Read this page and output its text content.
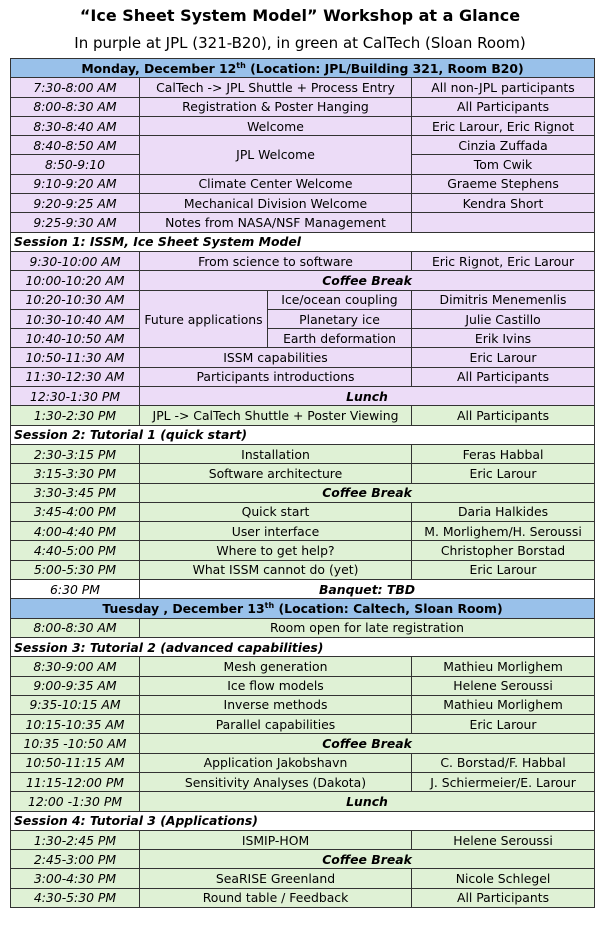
“Ice Sheet System Model” Workshop at a Glance
In purple at JPL (321-B20), in green at CalTech (Sloan Room)
Monday, December 12th (Location: JPL/Building 321, Room B20)			
7:30-8:00 AM	CalTech -> JPL Shuttle + Process Entry		All non-JPL participants
8:00-8:30 AM	Registration & Poster Hanging		All Participants
8:30-8:40 AM	Welcome		Eric Larour, Eric Rignot
8:40-8:50 AM	JPL Welcome		Cinzia Zuffada
8:50-9:10			Tom Cwik
9:10-9:20 AM	Climate Center Welcome		Graeme Stephens
9:20-9:25 AM	Mechanical Division Welcome		Kendra Short
9:25-9:30 AM	Notes from NASA/NSF Management		
Session 1: ISSM, Ice Sheet System Model			
9:30-10:00 AM	From science to software		Eric Rignot, Eric Larour
10:00-10:20 AM	Coffee Break		
10:20-10:30 AM	Future applications	Ice/ocean coupling	Dimitris Menemenlis
10:30-10:40 AM		Planetary ice	Julie Castillo
10:40-10:50 AM		Earth deformation	Erik Ivins
10:50-11:30 AM	ISSM capabilities		Eric Larour
11:30-12:30 AM	Participants introductions		All Participants
12:30-1:30 PM	Lunch		
1:30-2:30 PM	JPL -> CalTech Shuttle + Poster Viewing		All Participants
Session 2: Tutorial 1 (quick start)			
2:30-3:15 PM	Installation		Feras Habbal
3:15-3:30 PM	Software architecture		Eric Larour
3:30-3:45 PM	Coffee Break		
3:45-4:00 PM	Quick start		Daria Halkides
4:00-4:40 PM	User interface		M. Morlighem/H. Seroussi
4:40-5:00 PM	Where to get help?		Christopher Borstad
5:00-5:30 PM	What ISSM cannot do (yet)		Eric Larour
6:30 PM	Banquet: TBD		
Tuesday , December 13th (Location: Caltech, Sloan Room)			
8:00-8:30 AM	Room open for late registration		
Session 3: Tutorial 2 (advanced capabilities)			
8:30-9:00 AM	Mesh generation		Mathieu Morlighem
9:00-9:35 AM	Ice flow models		Helene Seroussi
9:35-10:15 AM	Inverse methods		Mathieu Morlighem
10:15-10:35 AM	Parallel capabilities		Eric Larour
10:35 -10:50 AM	Coffee Break		
10:50-11:15 AM	Application Jakobshavn		C. Borstad/F. Habbal
11:15-12:00 PM	Sensitivity Analyses (Dakota)		J. Schiermeier/E. Larour
12:00 -1:30 PM	Lunch		
Session 4: Tutorial 3 (Applications)			
1:30-2:45 PM	ISMIP-HOM		Helene Seroussi
2:45-3:00 PM	Coffee Break		
3:00-4:30 PM	SeaRISE Greenland		Nicole Schlegel
4:30-5:30 PM	Round table / Feedback		All Participants
